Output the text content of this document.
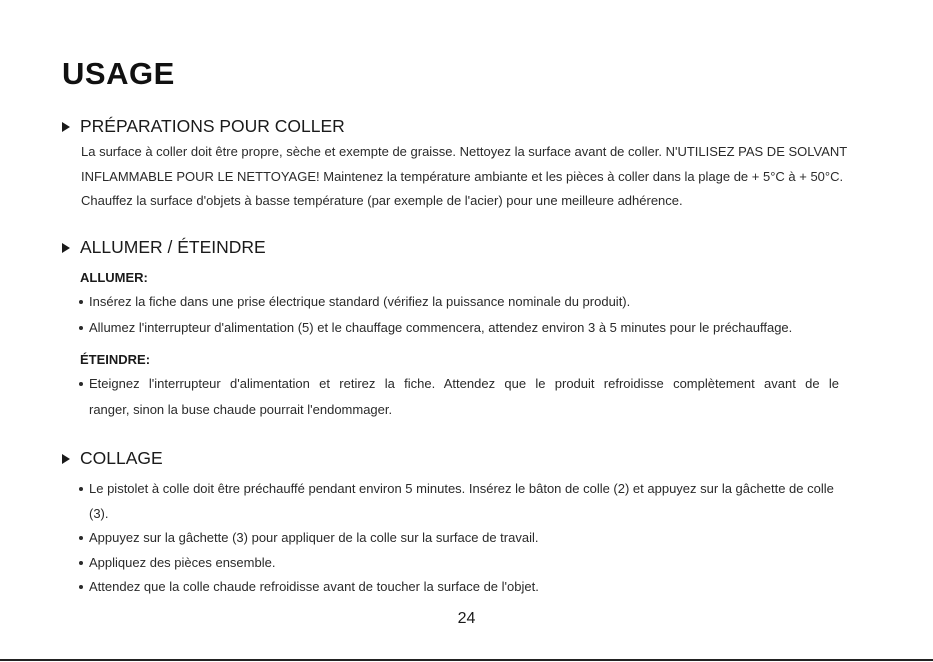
USAGE
PRÉPARATIONS POUR COLLER
La surface à coller doit être propre, sèche et exempte de graisse. Nettoyez la surface avant de coller. N'UTILISEZ PAS DE SOLVANT
INFLAMMABLE POUR LE NETTOYAGE! Maintenez la température ambiante et les pièces à coller dans la plage de + 5°C à + 50°C.
Chauffez la surface d'objets à basse température (par exemple de l'acier) pour une meilleure adhérence.
ALLUMER / ÉTEINDRE
ALLUMER:
Insérez la fiche dans une prise électrique standard (vérifiez la puissance nominale du produit).
Allumez l'interrupteur d'alimentation (5) et le chauffage commencera, attendez environ 3 à 5 minutes pour le préchauffage.
ÉTEINDRE:
Eteignez l'interrupteur d'alimentation et retirez la fiche. Attendez que le produit refroidisse complètement avant de le
ranger, sinon la buse chaude pourrait l'endommager.
COLLAGE
Le pistolet à colle doit être préchauffé pendant environ 5 minutes. Insérez le bâton de colle (2) et appuyez sur la gâchette de colle
(3).
Appuyez sur la gâchette (3) pour appliquer de la colle sur la surface de travail.
Appliquez des pièces ensemble.
Attendez que la colle chaude refroidisse avant de toucher la surface de l'objet.
24
